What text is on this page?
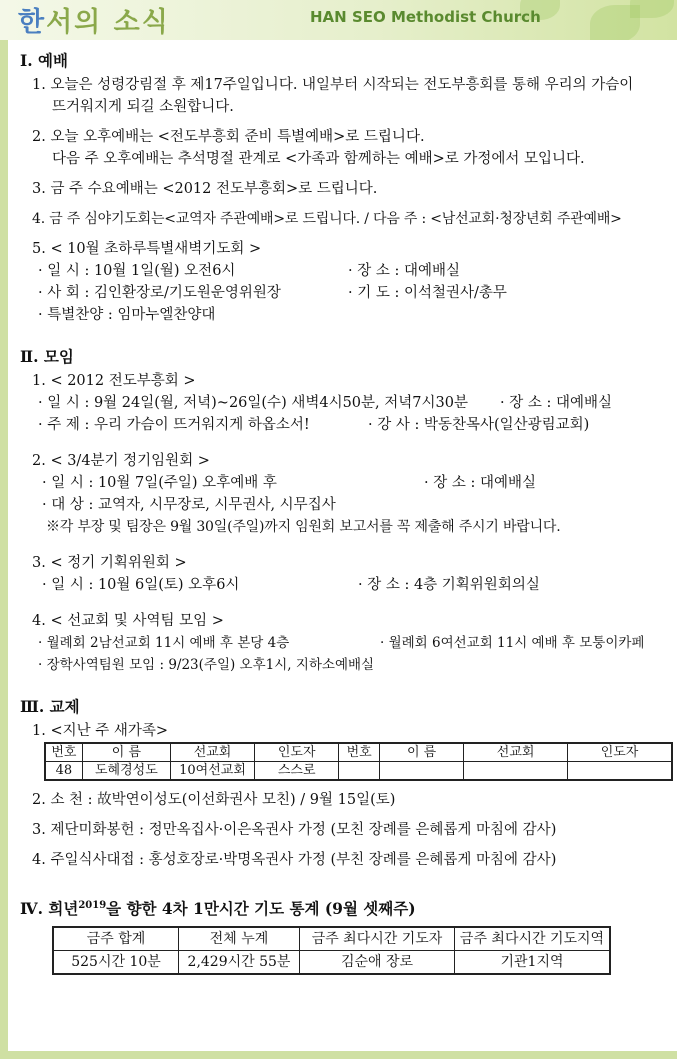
한서의 소식	HAN SEO Methodist Church
Ⅰ. 예배
1. 오늘은 성령강림절 후 제17주일입니다. 내일부터 시작되는 전도부흥회를 통해 우리의 가슴이
뜨거워지게 되길 소원합니다.
2. 오늘 오후예배는 <전도부흥회 준비 특별예배>로 드립니다.
다음 주 오후예배는 추석명절 관계로 <가족과 함께하는 예배>로 가정에서 모입니다.
3. 금 주 수요예배는 <2012 전도부흥회>로 드립니다.
4. 금 주 심야기도회는<교역자 주관예배>로 드립니다. / 다음 주 : <남선교회·청장년회 주관예배>
5. < 10월 초하루특별새벽기도회 >
· 일 시 : 10월 1일(월) 오전6시	· 장 소 : 대예배실
· 사 회 : 김인환장로/기도원운영위원장	· 기 도 : 이석철권사/총무
· 특별찬양 : 임마누엘찬양대
Ⅱ. 모임
1. < 2012 전도부흥회 >
· 일 시 : 9월 24일(월, 저녁)~26일(수) 새벽4시50분, 저녁7시30분 · 장 소 : 대예배실
· 주 제 : 우리 가슴이 뜨거워지게 하옵소서!	· 강 사 : 박동찬목사(일산광림교회)
2. < 3/4분기 정기임원회 >
· 일 시 : 10월 7일(주일) 오후예배 후	· 장 소 : 대예배실
· 대 상 : 교역자, 시무장로, 시무권사, 시무집사
※각 부장 및 팀장은 9월 30일(주일)까지 임원회 보고서를 꼭 제출해 주시기 바랍니다.
3. < 정기 기획위원회 >
· 일 시 : 10월 6일(토) 오후6시	· 장 소 : 4층 기획위원회의실
4. < 선교회 및 사역팀 모임 >
· 월례회 2남선교회 11시 예배 후 본당 4층	· 월례회 6여선교회 11시 예배 후 모퉁이카페
· 장학사역팀원 모임 : 9/23(주일) 오후1시, 지하소예배실
Ⅲ. 교제
1. <지난 주 새가족>
번호	이 름	선교회	인도자	번호	이 름	선교회	인도자
48	도혜경성도	10여선교회	스스로				
2. 소 천 : 故박연이성도(이선화권사 모친) / 9월 15일(토)
3. 제단미화봉헌 : 정만옥집사·이은옥권사 가정 (모친 장례를 은혜롭게 마침에 감사)
4. 주일식사대접 : 홍성호장로·박명옥권사 가정 (부친 장례를 은혜롭게 마침에 감사)
Ⅳ. 희년$^{2019}$을 향한 4차 1만시간 기도 통계 (9월 셋째주)
금주 합계	전체 누계	금주 최다시간 기도자	금주 최다시간 기도지역
525시간 10분	2,429시간 55분	김순애 장로	기관1지역
